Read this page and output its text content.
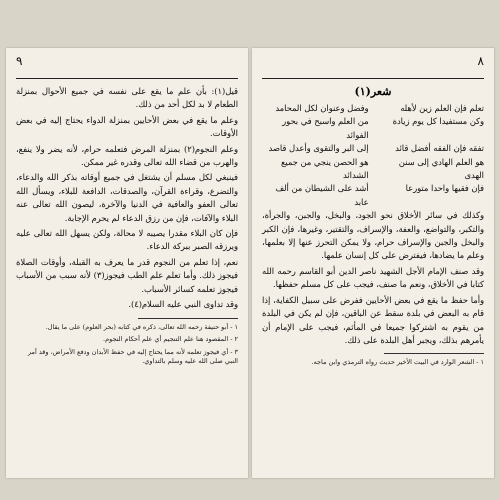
٩

قيل(١): بأن علم ما يقع على نفسه في جميع الأحوال بمنزلة الطعام لا بد لكل أحد من ذلك.

وعلم ما يقع في بعض الأحايين بمنزلة الدواء يحتاج إليه في بعض الأوقات.

وعلم النجوم(٢) بمنزلة المرض فتعلمه حرام، لأنه يضر ولا ينفع، والهرب من قضاء الله تعالى وقدره غير ممكن.

فينبغي لكل مسلم أن يشتغل في جميع أوقاته بذكر الله والدعاء، والتضرع، وقراءة القرآن، والصدقات، الدافعة للبلاء، ويسأل الله تعالى العفو والعافية في الدنيا والآخرة، ليصون الله تعالى عنه البلاء والآفات، فإن من رزق الدعاء لم يحرم الإجابة.

فإن كان البلاء مقدرا يصيبه لا محالة، ولكن يسهل الله تعالى عليه ويرزقه الصبر ببركة الدعاء.

نعم، إذا تعلم من النجوم قدر ما يعرف به القبلة، وأوقات الصلاة فيجوز ذلك. وأما تعلم علم الطب فيجوز(٣) لأنه سبب من الأسباب فيجوز تعلمه كسائر الأسباب.

وقد تداوى النبي عليه السلام(٤).

١ - أبو حنيفة رحمه الله تعالى، ذكره في كتابه (بحر العلوم) على ما يقال.

٢ - المقصود هنا علم التنجيم أي علم أحكام النجوم.

٣ - أي فيجوز تعلمه لأنه مما يحتاج إليه في حفظ الأبدان ودفع الأمراض، وقد أمر النبي صلى الله عليه وسلم بالتداوي.

٨
شعر(١)
تعلم فإن العلم زين لأهله
وفضل وعنوان لكل المحامد
وكن مستفيدا كل يوم زيادة
من العلم واسبح في بحور الفوائد
تفقه فإن الفقه أفضل قائد
إلى البر والتقوى وأعدل قاصد
هو العلم الهادي إلى سنن الهدى
هو الحصن ينجي من جميع الشدائد
فإن فقيها واحدا متورعا
أشد على الشيطان من ألف عابد

وكذلك في سائر الأخلاق نحو الجود، والبخل، والجبن، والجرأة، والتكبر، والتواضع، والعفة، والإسراف، والتقتير، وغيرها، فإن الكبر والبخل والجبن والإسراف حرام، ولا يمكن التحرز عنها إلا بعلمها، وعلم ما يضادها، فيفترض على كل إنسان علمها.

وقد صنف الإمام الأجل الشهيد ناصر الدين أبو القاسم رحمه الله كتابا في الأخلاق، ونعم ما صنف، فيجب على كل مسلم حفظها.

وأما حفظ ما يقع في بعض الأحايين ففرض على سبيل الكفاية، إذا قام به البعض في بلدة سقط عن الباقين، فإن لم يكن في البلدة من يقوم به اشتركوا جميعا في المأثم، فيجب على الإمام أن يأمرهم بذلك، ويجبر أهل البلدة على ذلك.

١ - الشعر الوارد في البيت الأخير حديث رواه الترمذي وابن ماجه.
